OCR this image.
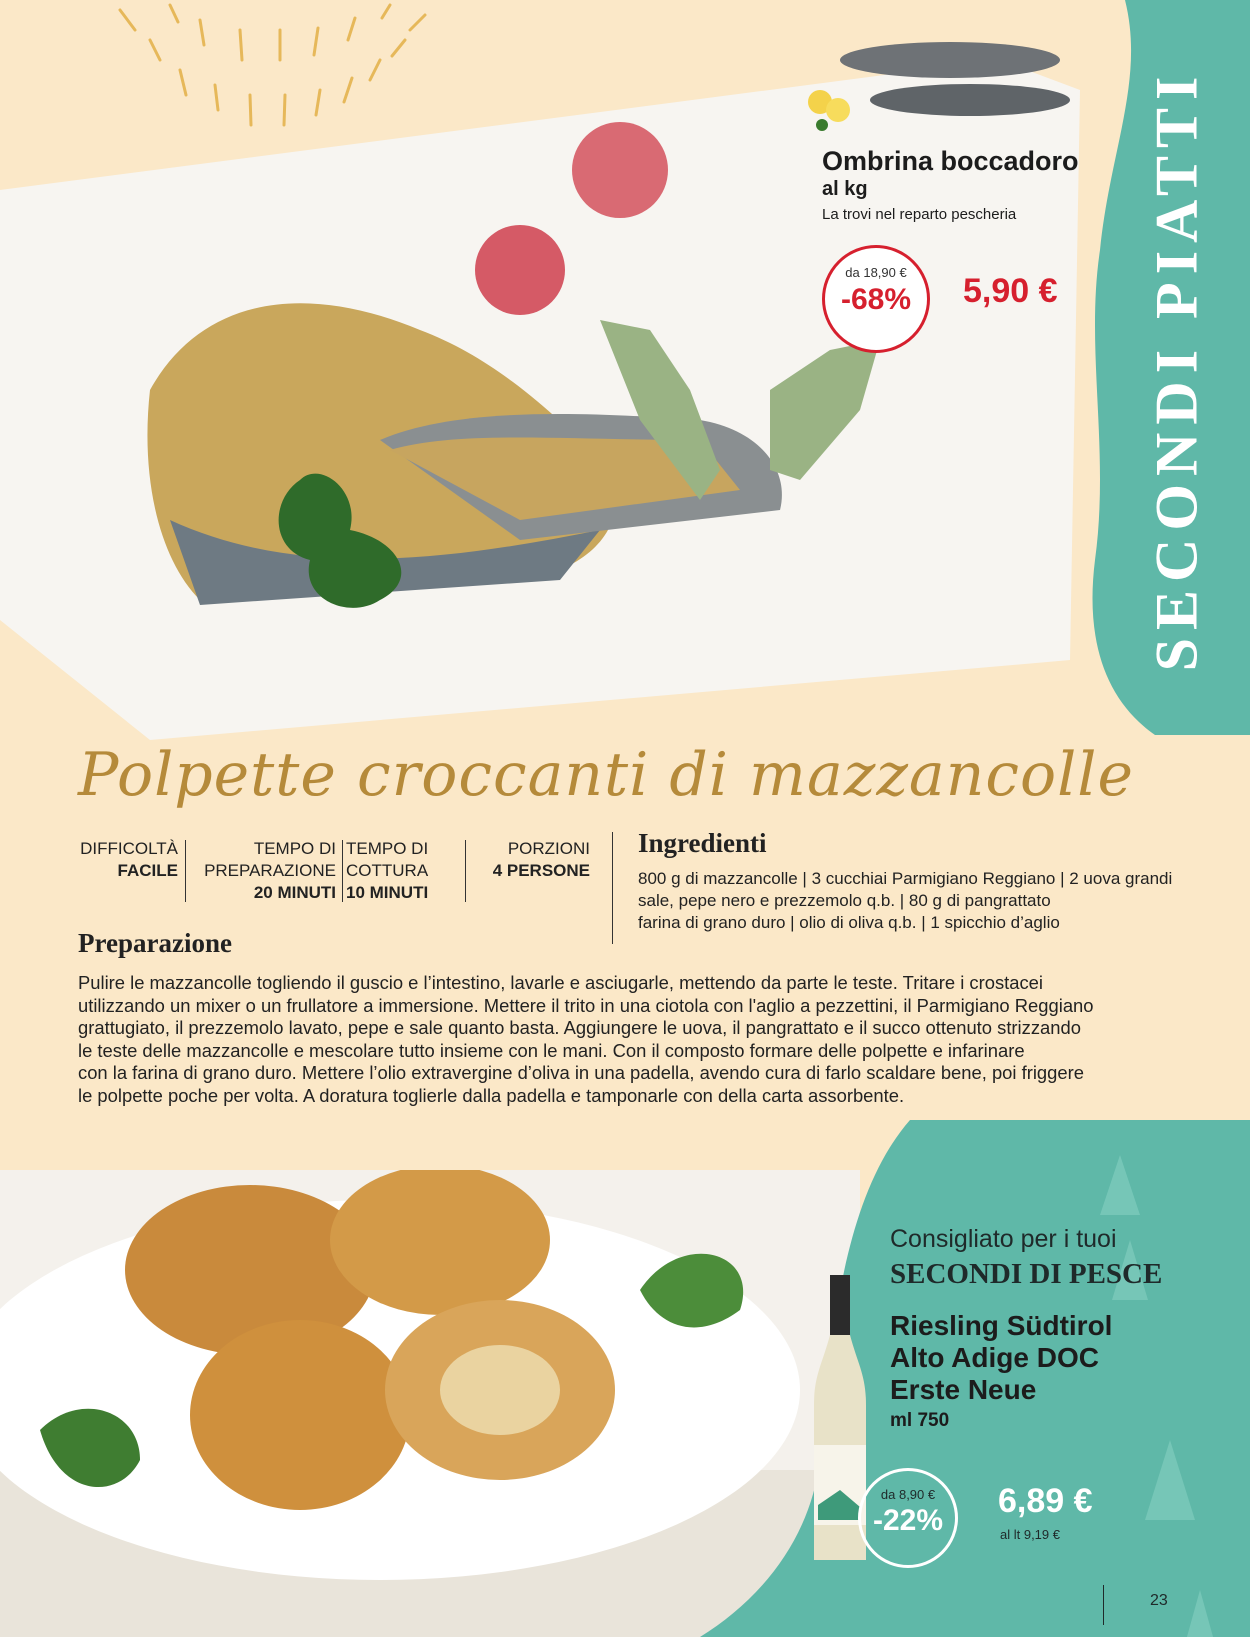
SECONDI PIATTI
Ombrina boccadoro
al kg
La trovi nel reparto pescheria
da 18,90 €
-68%	5,90 €
Polpette croccanti di mazzancolle
DIFFICOLTÀ
FACILE
TEMPO DI
PREPARAZIONE
20 MINUTI
TEMPO DI
COTTURA
10 MINUTI
PORZIONI
4 PERSONE
Ingredienti
800 g di mazzancolle | 3 cucchiai Parmigiano Reggiano | 2 uova grandi
sale, pepe nero e prezzemolo q.b. | 80 g di pangrattato
farina di grano duro | olio di oliva q.b. | 1 spicchio d’aglio
Preparazione
Pulire le mazzancolle togliendo il guscio e l’intestino, lavarle e asciugarle, mettendo da parte le teste. Tritare i crostacei
utilizzando un mixer o un frullatore a immersione. Mettere il trito in una ciotola con l'aglio a pezzettini, il Parmigiano Reggiano
grattugiato, il prezzemolo lavato, pepe e sale quanto basta. Aggiungere le uova, il pangrattato e il succo ottenuto strizzando
le teste delle mazzancolle e mescolare tutto insieme con le mani. Con il composto formare delle polpette e infarinare
con la farina di grano duro. Mettere l’olio extravergine d’oliva in una padella, avendo cura di farlo scaldare bene, poi friggere
le polpette poche per volta. A doratura toglierle dalla padella e tamponarle con della carta assorbente.
Consigliato per i tuoi
SECONDI DI PESCE
Riesling Südtirol
Alto Adige DOC
Erste Neue
ml 750
da 8,90 €
-22%
6,89 €
al lt 9,19 €
23
